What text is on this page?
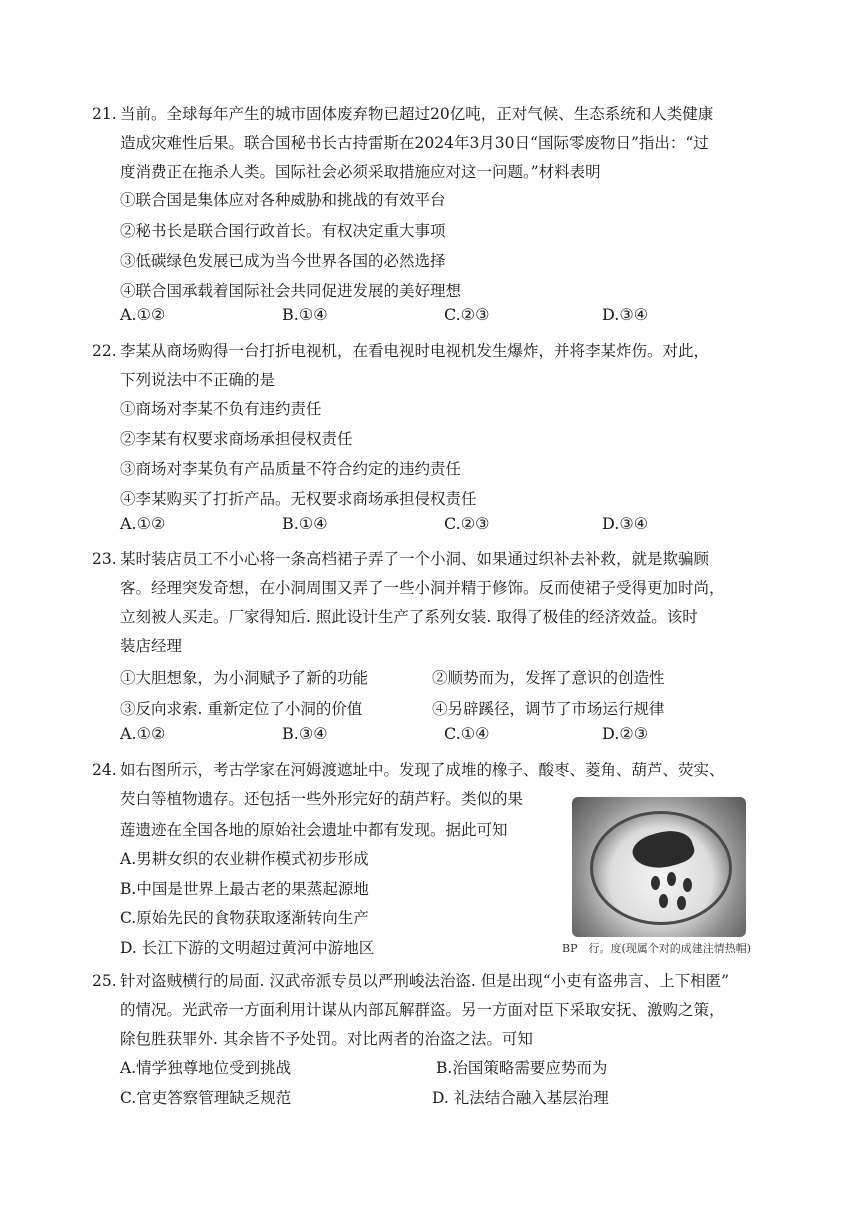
21. 当前。全球每年产生的城市固体废弃物已超过20亿吨，正对气候、生态系统和人类健康
造成灾难性后果。联合国秘书长古持雷斯在2024年3月30日“国际零废物日”指出：“过
度消费正在拖杀人类。国际社会必须采取措施应对这一问题。”材料表明
①联合国是集体应对各种威胁和挑战的有效平台
②秘书长是联合国行政首长。有权决定重大事项
③低碳绿色发展已成为当今世界各国的必然选择
④联合国承载着国际社会共同促进发展的美好理想
A.①②	B.①④	C.②③	D.③④
22. 李某从商场购得一台打折电视机，在看电视时电视机发生爆炸，并将李某炸伤。对此，
下列说法中不正确的是
①商场对李某不负有违约责任
②李某有权要求商场承担侵权责任
③商场对李某负有产品质量不符合约定的违约责任
④李某购买了打折产品。无权要求商场承担侵权责任
A.①②	B.①④	C.②③	D.③④
23. 某时装店员工不小心将一条高档裙子弄了一个小洞、如果通过织补去补救，就是欺骗顾
客。经理突发奇想，在小洞周围又弄了一些小洞并精于修饰。反而使裙子受得更加时尚，
立刻被人买走。厂家得知后. 照此设计生产了系列女装. 取得了极佳的经济效益。该时
装店经理
①大胆想象，为小洞赋予了新的功能	②顺势而为，发挥了意识的创造性
③反向求索. 重新定位了小洞的价值	④另辟蹊径，调节了市场运行规律
A.①②	B.③④	C.①④	D.②③
24. 如右图所示，考古学家在河姆渡遮址中。发现了成堆的橡子、酸枣、菱角、葫芦、荧实、
芡白等植物遗存。还包括一些外形完好的葫芦籽。类似的果
莲遗迹在全国各地的原始社会遗址中都有发现。据此可知
A.男耕女织的农业耕作模式初步形成
B.中国是世界上最古老的果蒸起源地
C.原始先民的食物获取逐渐转向生产
D. 长江下游的文明超过黄河中游地区	BP　行。度(现属个对的成建注情热帽)
25. 针对盗贼横行的局面. 汉武帝派专员以严刑峻法治盗. 但是出现“小吏有盗弗言、上下相匿”
的情况。光武帝一方面利用计谋从内部瓦解群盗。另一方面对臣下采取安抚、激购之策，
除包胜获罪外. 其余皆不予处罚。对比两者的治盗之法。可知
A.情学独尊地位受到挑战	B.治国策略需要应势而为
C.官吏答察管理缺乏规范	D. 礼法结合融入基层治理
